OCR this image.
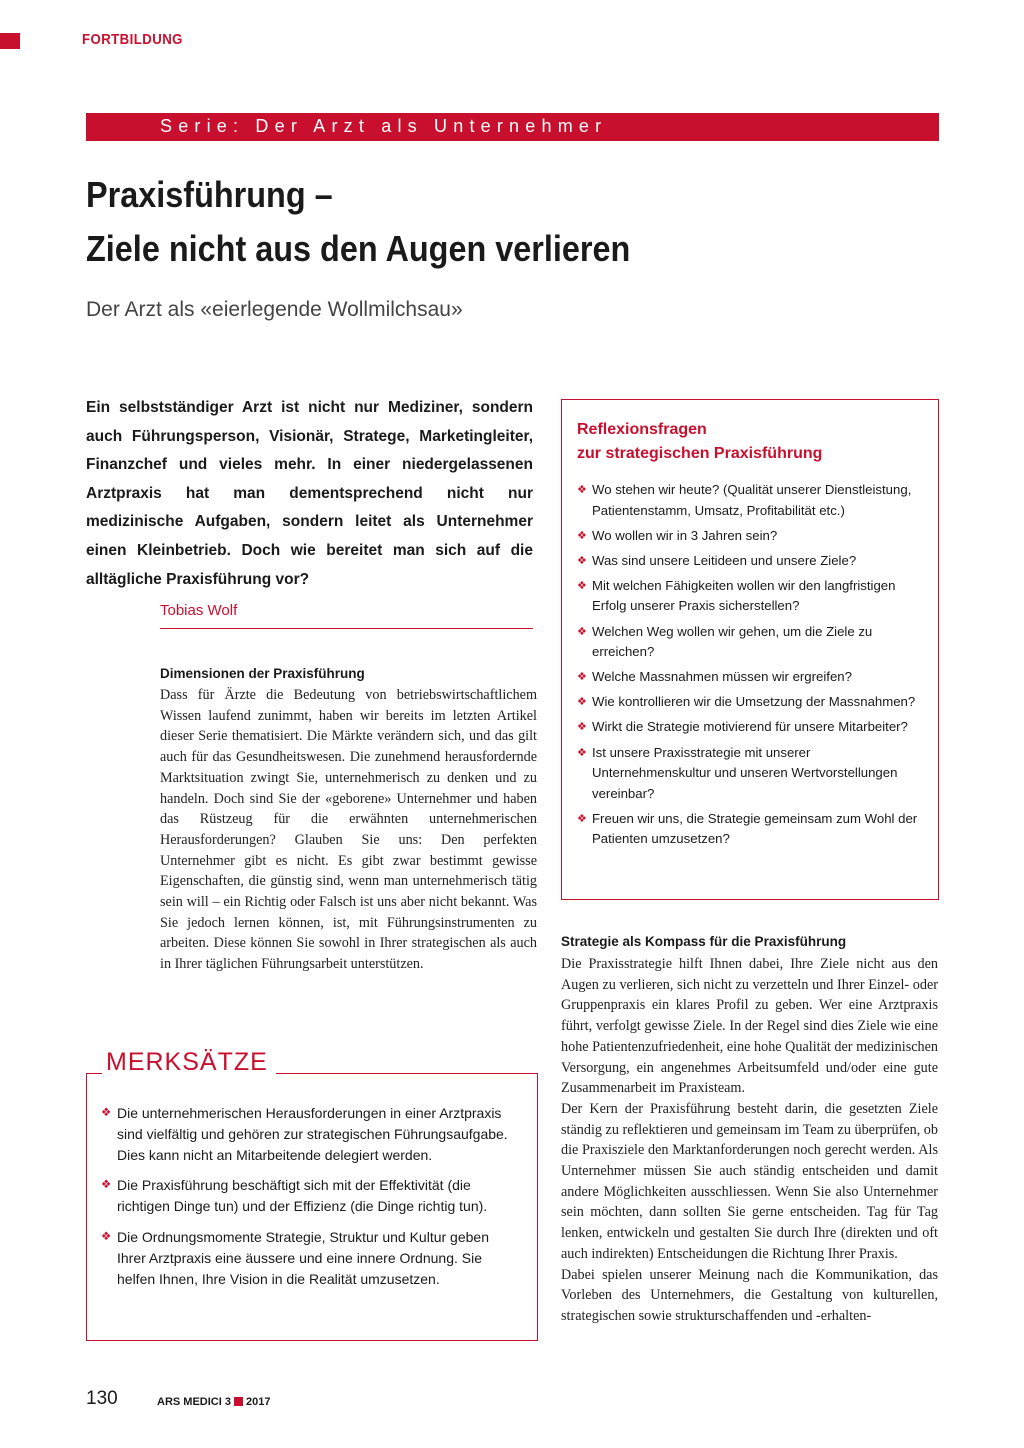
FORTBILDUNG
Serie: Der Arzt als Unternehmer
Praxisführung –
Ziele nicht aus den Augen verlieren
Der Arzt als «eierlegende Wollmilchsau»

Ein selbstständiger Arzt ist nicht nur Mediziner, sondern auch Führungsperson, Visionär, Stratege, Marketingleiter, Finanzchef und vieles mehr. In einer niedergelassenen Arztpraxis hat man dementsprechend nicht nur medizinische Aufgaben, sondern leitet als Unternehmer einen Kleinbetrieb. Doch wie bereitet man sich auf die alltägliche Praxisführung vor?

Tobias Wolf
Dimensionen der Praxisführung

Dass für Ärzte die Bedeutung von betriebswirtschaftlichem Wissen laufend zunimmt, haben wir bereits im letzten Artikel dieser Serie thematisiert. Die Märkte verändern sich, und das gilt auch für das Gesundheitswesen. Die zunehmend herausfordernde Marktsituation zwingt Sie, unternehmerisch zu denken und zu handeln. Doch sind Sie der «geborene» Unternehmer und haben das Rüstzeug für die erwähnten unternehmerischen Herausforderungen? Glauben Sie uns: Den perfekten Unternehmer gibt es nicht. Es gibt zwar bestimmt gewisse Eigenschaften, die günstig sind, wenn man unternehmerisch tätig sein will – ein Richtig oder Falsch ist uns aber nicht bekannt. Was Sie jedoch lernen können, ist, mit Führungsinstrumenten zu arbeiten. Diese können Sie sowohl in Ihrer strategischen als auch in Ihrer täglichen Führungsarbeit unterstützen.

Reflexionsfragen
zur strategischen Praxisführung
❖ Wo stehen wir heute? (Qualität unserer Dienstleistung, Patientenstamm, Umsatz, Profitabilität etc.)
❖ Wo wollen wir in 3 Jahren sein?
❖ Was sind unsere Leitideen und unsere Ziele?
❖ Mit welchen Fähigkeiten wollen wir den langfristigen Erfolg unserer Praxis sicherstellen?
❖ Welchen Weg wollen wir gehen, um die Ziele zu erreichen?
❖ Welche Massnahmen müssen wir ergreifen?
❖ Wie kontrollieren wir die Umsetzung der Massnahmen?
❖ Wirkt die Strategie motivierend für unsere Mitarbeiter?
❖ Ist unsere Praxisstrategie mit unserer Unternehmenskultur und unseren Wertvorstellungen vereinbar?
❖ Freuen wir uns, die Strategie gemeinsam zum Wohl der Patienten umzusetzen?
MERKSÄTZE
❖ Die unternehmerischen Herausforderungen in einer Arztpraxis sind vielfältig und gehören zur strategischen Führungsaufgabe. Dies kann nicht an Mitarbeitende delegiert werden.
❖ Die Praxisführung beschäftigt sich mit der Effektivität (die richtigen Dinge tun) und der Effizienz (die Dinge richtig tun).
❖ Die Ordnungsmomente Strategie, Struktur und Kultur geben Ihrer Arztpraxis eine äussere und eine innere Ordnung. Sie helfen Ihnen, Ihre Vision in die Realität umzusetzen.
Strategie als Kompass für die Praxisführung

Die Praxisstrategie hilft Ihnen dabei, Ihre Ziele nicht aus den Augen zu verlieren, sich nicht zu verzetteln und Ihrer Einzel- oder Gruppenpraxis ein klares Profil zu geben. Wer eine Arztpraxis führt, verfolgt gewisse Ziele. In der Regel sind dies Ziele wie eine hohe Patientenzufriedenheit, eine hohe Qualität der medizinischen Versorgung, ein angenehmes Arbeitsumfeld und/oder eine gute Zusammenarbeit im Praxisteam.

Der Kern der Praxisführung besteht darin, die gesetzten Ziele ständig zu reflektieren und gemeinsam im Team zu überprüfen, ob die Praxisziele den Marktanforderungen noch gerecht werden. Als Unternehmer müssen Sie auch ständig entscheiden und damit andere Möglichkeiten ausschliessen. Wenn Sie also Unternehmer sein möchten, dann sollten Sie gerne entscheiden. Tag für Tag lenken, entwickeln und gestalten Sie durch Ihre (direkten und oft auch indirekten) Entscheidungen die Richtung Ihrer Praxis.

Dabei spielen unserer Meinung nach die Kommunikation, das Vorleben des Unternehmers, die Gestaltung von kulturellen, strategischen sowie strukturschaffenden und -erhalten-

130	ARS MEDICI 3 2017
